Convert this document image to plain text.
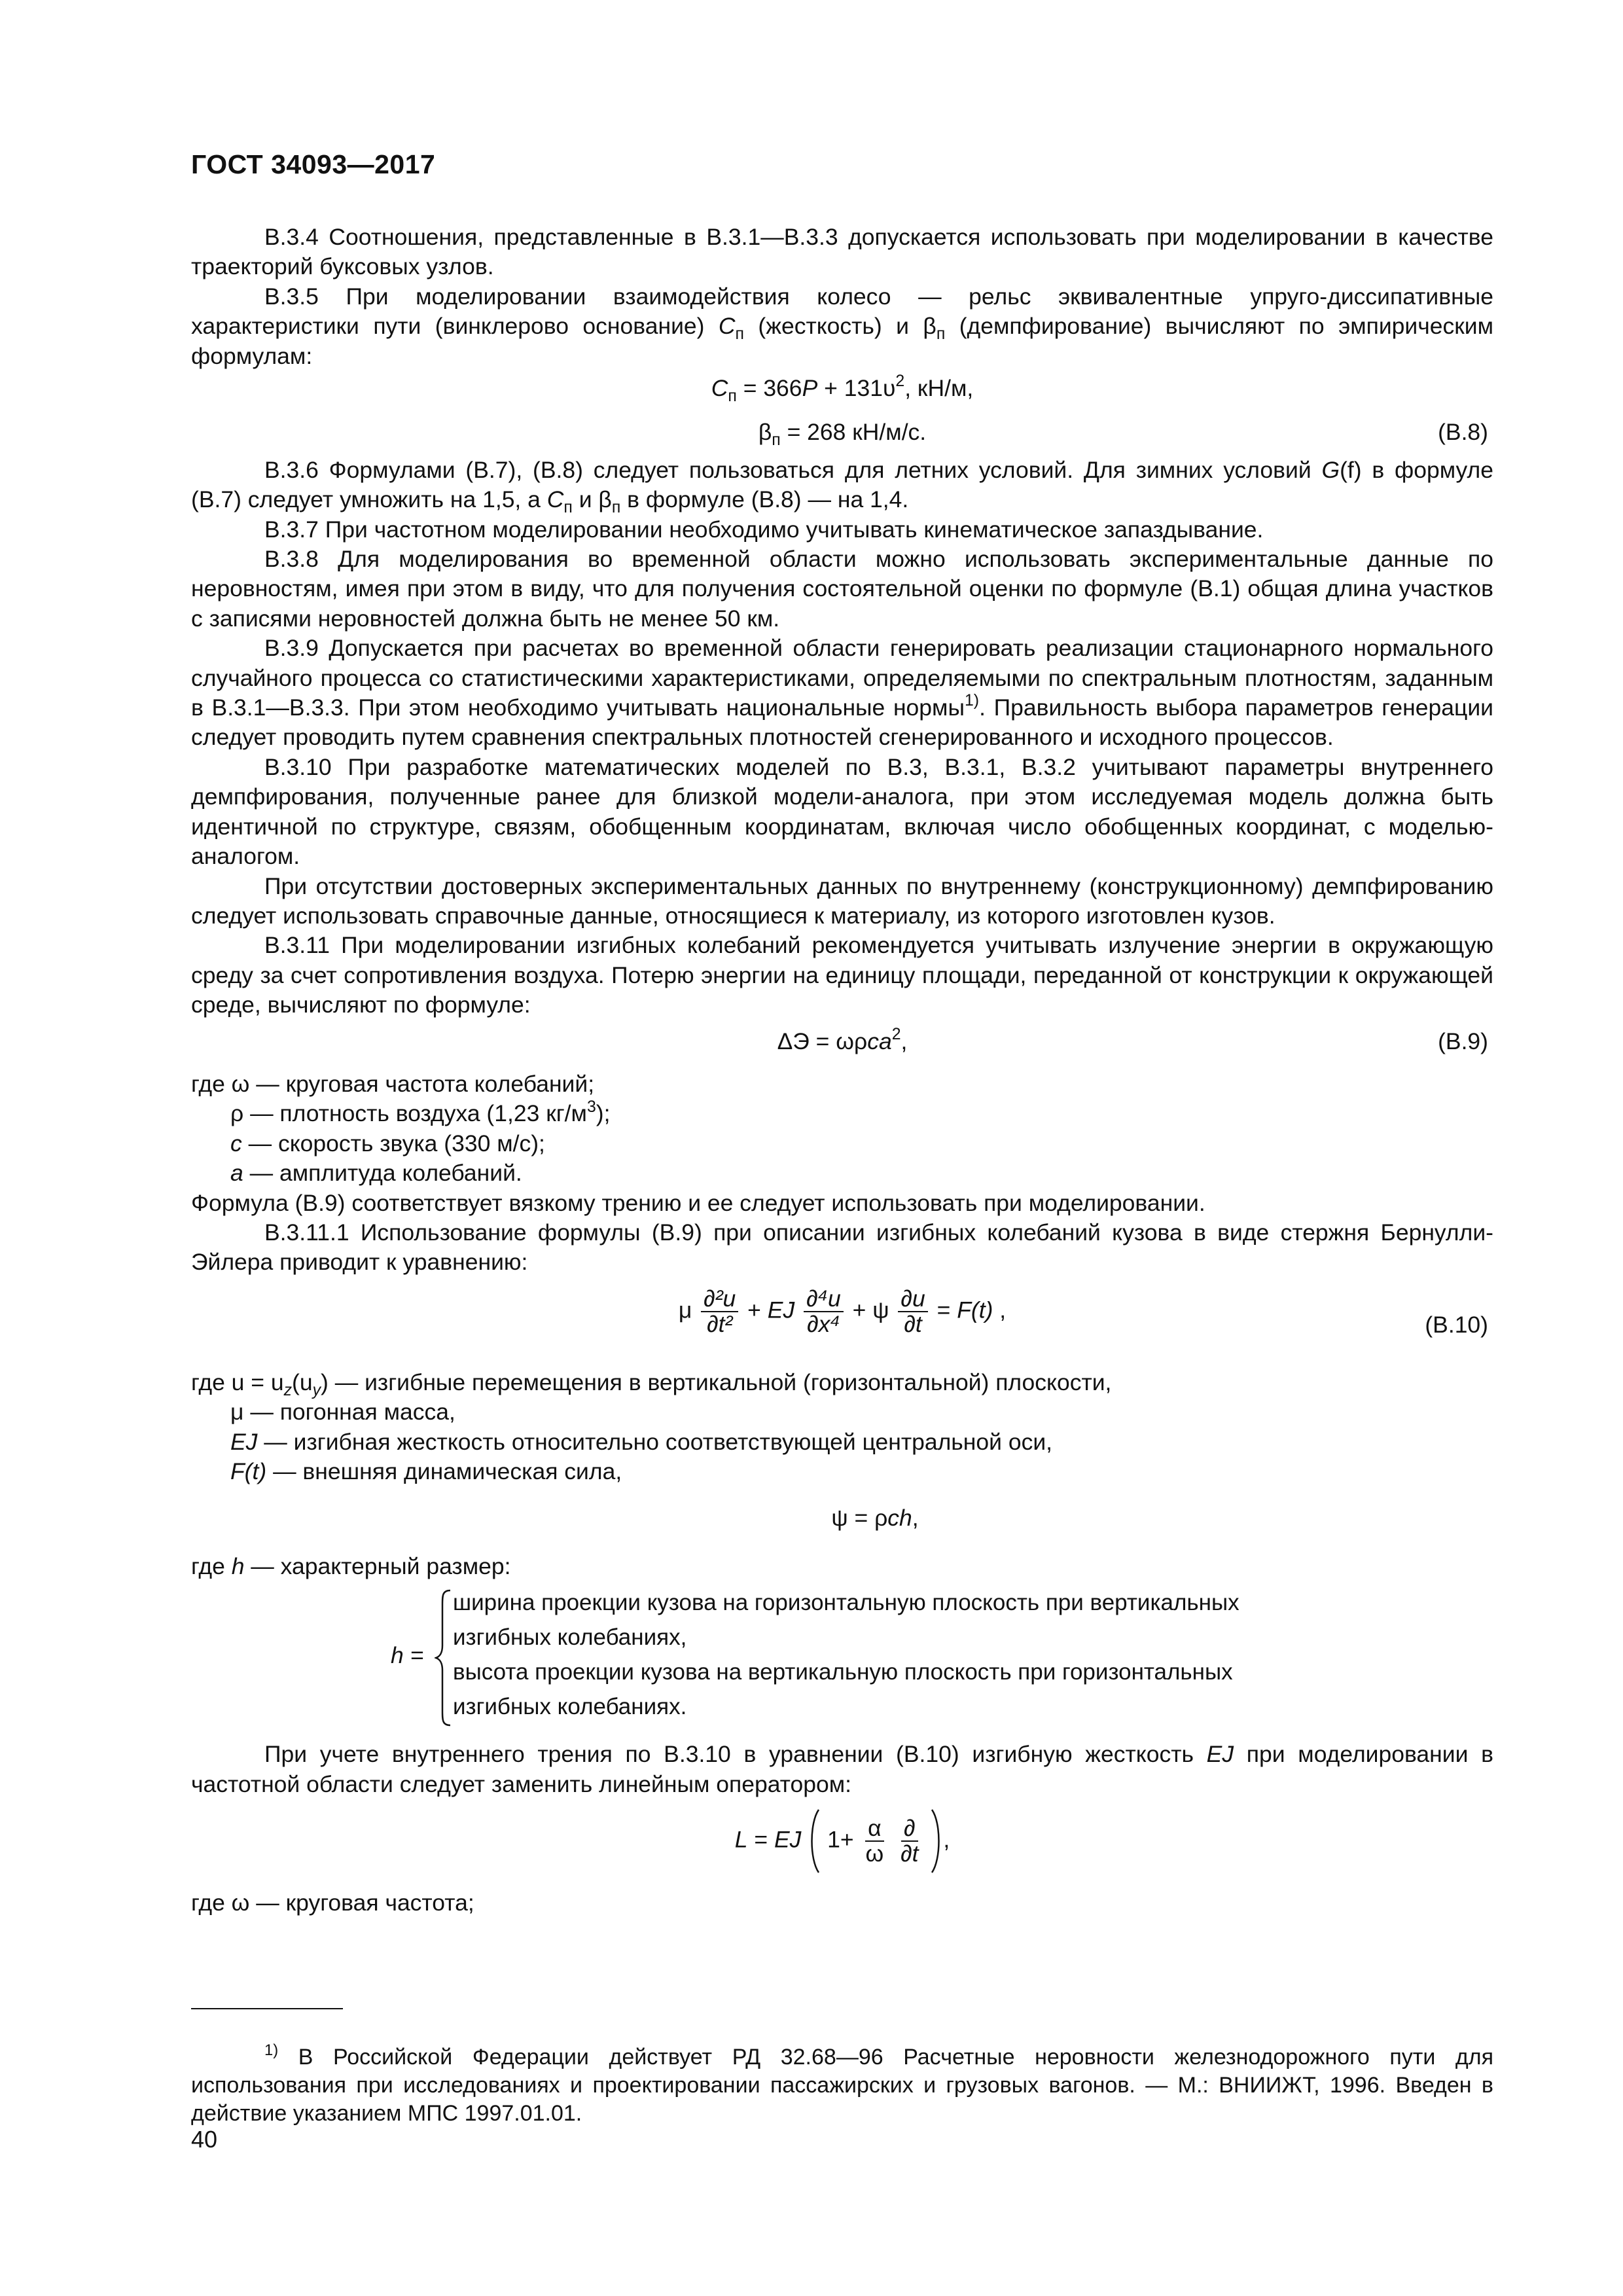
ГОСТ 34093—2017

В.3.4 Соотношения, представленные в В.3.1—В.3.3 допускается использовать при моделировании в качестве траекторий буксовых узлов.

В.3.5 При моделировании взаимодействия колесо — рельс эквивалентные упруго-диссипативные характеристики пути (винклерово основание) $С_п$ (жесткость) и $\beta_п$ (демпфирование) вычисляют по эмпирическим формулам:

$С_п = 366P + 131\upsilon^2$, кН/м,
$\beta_п = 268$ кН/м/с.	(В.8)

В.3.6 Формулами (В.7), (В.8) следует пользоваться для летних условий. Для зимних условий G(f) в формуле (В.7) следует умножить на 1,5, а $С_п$ и $\beta_п$ в формуле (В.8) — на 1,4.

В.3.7 При частотном моделировании необходимо учитывать кинематическое запаздывание.

В.3.8 Для моделирования во временной области можно использовать экспериментальные данные по неровностям, имея при этом в виду, что для получения состоятельной оценки по формуле (В.1) общая длина участков с записями неровностей должна быть не менее 50 км.

В.3.9 Допускается при расчетах во временной области генерировать реализации стационарного нормального случайного процесса со статистическими характеристиками, определяемыми по спектральным плотностям, заданным в В.3.1—В.3.3. При этом необходимо учитывать национальные нормы$^{1)}$. Правильность выбора параметров генерации следует проводить путем сравнения спектральных плотностей сгенерированного и исходного процессов.

В.3.10 При разработке математических моделей по В.3, В.3.1, В.3.2 учитывают параметры внутреннего демпфирования, полученные ранее для близкой модели-аналога, при этом исследуемая модель должна быть идентичной по структуре, связям, обобщенным координатам, включая число обобщенных координат, с моделью-аналогом.

При отсутствии достоверных экспериментальных данных по внутреннему (конструкционному) демпфированию следует использовать справочные данные, относящиеся к материалу, из которого изготовлен кузов.

В.3.11 При моделировании изгибных колебаний рекомендуется учитывать излучение энергии в окружающую среду за счет сопротивления воздуха. Потерю энергии на единицу площади, переданной от конструкции к окружающей среде, вычисляют по формуле:

ΔЭ = ωρca$^2$,	(В.9)

где ω — круговая частота колебаний;

ρ — плотность воздуха (1,23 $кг/м^3$);

c — скорость звука (330 м/с);

a — амплитуда колебаний.

Формула (В.9) соответствует вязкому трению и ее следует использовать при моделировании.

В.3.11.1 Использование формулы (В.9) при описании изгибных колебаний кузова в виде стержня Бернулли-Эйлера приводит к уравнению:

μ $\frac{\text{∂²u}}{\text{∂t²}}$ + EJ $\frac{\text{∂⁴u}}{\text{∂x⁴}} + \psi \frac{\partial u}{\partial t} = F(t)$ ,
(В.10)

где $u = u_z(u_y)$ — изгибные перемещения в вертикальной (горизонтальной) плоскости,

μ — погонная масса,

EJ — изгибная жесткость относительно соответствующей центральной оси,

F(t) — внешняя динамическая сила,

ψ = ρch,

где h — характерный размер:

h =
ширина проекции кузова на горизонтальную плоскость при вертикальных
изгибных колебаниях,
высота проекции кузова на вертикальную плоскость при горизонтальных
изгибных колебаниях.

При учете внутреннего трения по В.3.10 в уравнении (В.10) изгибную жесткость EJ при моделировании в частотной области следует заменить линейным оператором:

L = EJ $1+ \frac{\alpha}{\omega}$
$\frac{\partial}{\partial t}$ ,

где ω — круговая частота;

$^{1)}$ В Российской Федерации действует РД 32.68—96 Расчетные неровности железнодорожного пути для использования при исследованиях и проектировании пассажирских и грузовых вагонов. — М.: ВНИИЖТ, 1996. Введен в действие указанием МПС 1997.01.01.

40
